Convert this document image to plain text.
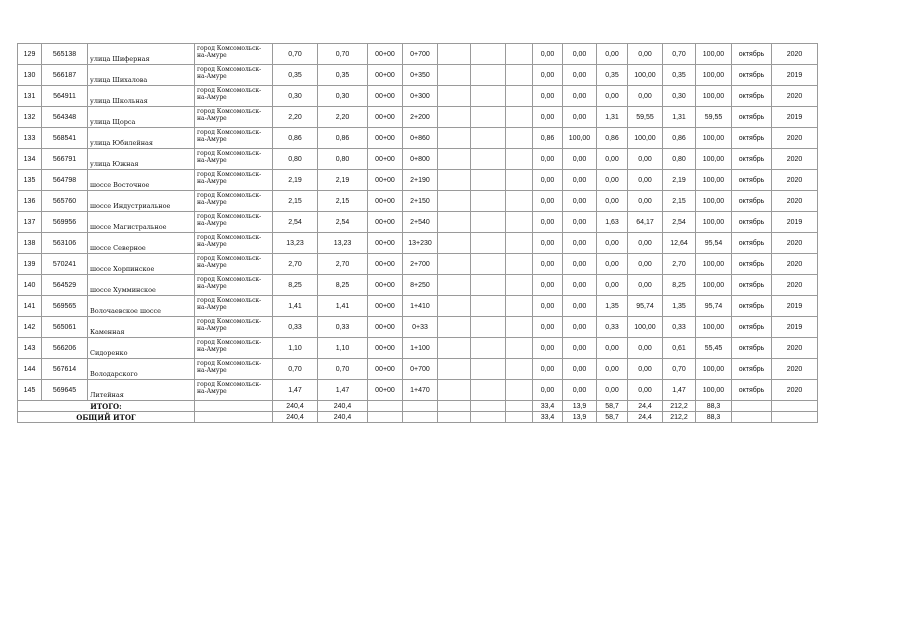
129	565138	улица Шиферная	город Комсомольск-на-Амуре	0,70	0,70	00+00	0+700				0,00	0,00	0,00	0,00	0,70	100,00	октябрь	2020
130	566187	улица Шихалова	город Комсомольск-на-Амуре	0,35	0,35	00+00	0+350				0,00	0,00	0,35	100,00	0,35	100,00	октябрь	2019
131	564911	улица Школьная	город Комсомольск-на-Амуре	0,30	0,30	00+00	0+300				0,00	0,00	0,00	0,00	0,30	100,00	октябрь	2020
132	564348	улица Щорса	город Комсомольск-на-Амуре	2,20	2,20	00+00	2+200				0,00	0,00	1,31	59,55	1,31	59,55	октябрь	2019
133	568541	улица Юбилейная	город Комсомольск-на-Амуре	0,86	0,86	00+00	0+860				0,86	100,00	0,86	100,00	0,86	100,00	октябрь	2020
134	566791	улица Южная	город Комсомольск-на-Амуре	0,80	0,80	00+00	0+800				0,00	0,00	0,00	0,00	0,80	100,00	октябрь	2020
135	564798	шоссе Восточное	город Комсомольск-на-Амуре	2,19	2,19	00+00	2+190				0,00	0,00	0,00	0,00	2,19	100,00	октябрь	2020
136	565760	шоссе Индустриальное	город Комсомольск-на-Амуре	2,15	2,15	00+00	2+150				0,00	0,00	0,00	0,00	2,15	100,00	октябрь	2020
137	569956	шоссе Магистральное	город Комсомольск-на-Амуре	2,54	2,54	00+00	2+540				0,00	0,00	1,63	64,17	2,54	100,00	октябрь	2019
138	563106	шоссе Северное	город Комсомольск-на-Амуре	13,23	13,23	00+00	13+230				0,00	0,00	0,00	0,00	12,64	95,54	октябрь	2020
139	570241	шоссе Хорпинское	город Комсомольск-на-Амуре	2,70	2,70	00+00	2+700				0,00	0,00	0,00	0,00	2,70	100,00	октябрь	2020
140	564529	шоссе Хумминское	город Комсомольск-на-Амуре	8,25	8,25	00+00	8+250				0,00	0,00	0,00	0,00	8,25	100,00	октябрь	2020
141	569565	Волочаевское шоссе	город Комсомольск-на-Амуре	1,41	1,41	00+00	1+410				0,00	0,00	1,35	95,74	1,35	95,74	октябрь	2019
142	565061	Каменная	город Комсомольск-на-Амуре	0,33	0,33	00+00	0+33				0,00	0,00	0,33	100,00	0,33	100,00	октябрь	2019
143	566206	Сидоренко	город Комсомольск-на-Амуре	1,10	1,10	00+00	1+100				0,00	0,00	0,00	0,00	0,61	55,45	октябрь	2020
144	567614	Володарского	город Комсомольск-на-Амуре	0,70	0,70	00+00	0+700				0,00	0,00	0,00	0,00	0,70	100,00	октябрь	2020
145	569645	Литейная	город Комсомольск-на-Амуре	1,47	1,47	00+00	1+470				0,00	0,00	0,00	0,00	1,47	100,00	октябрь	2020
ИТОГО:				240,4	240,4						33,4	13,9	58,7	24,4	212,2	88,3		
ОБЩИЙ ИТОГ				240,4	240,4						33,4	13,9	58,7	24,4	212,2	88,3		
